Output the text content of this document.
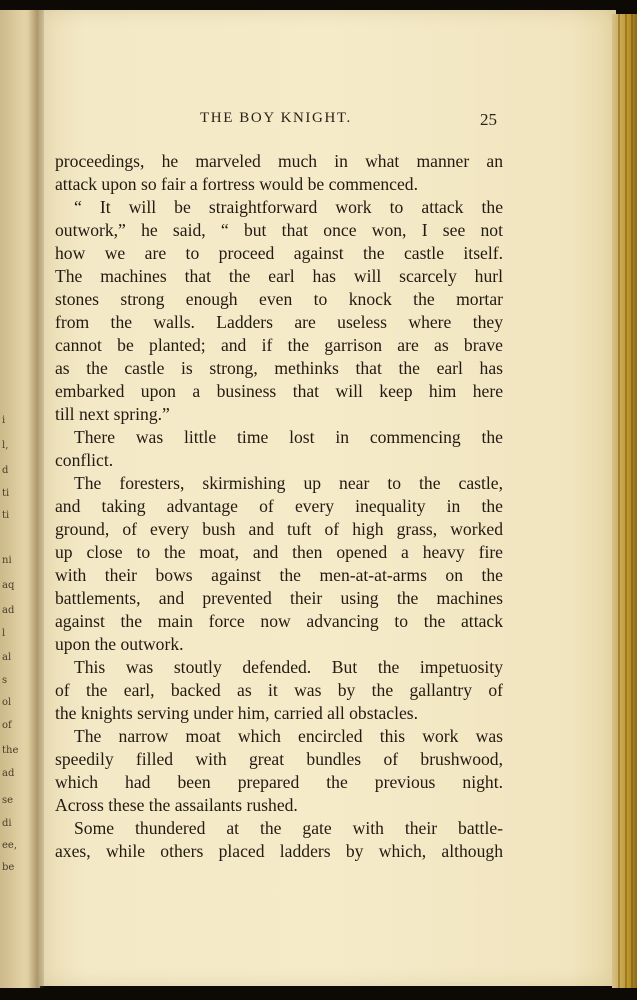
i
l,
d
ti
ti
ni
aq
ad
l
al
s
ol
of
the
ad
se
di
ee,
be
THE BOY KNIGHT.	25
proceedings, he marveled much in what manner an
attack upon so fair a fortress would be commenced.
“ It will be straightforward work to attack the
outwork,” he said, “ but that once won, I see not
how we are to proceed against the castle itself.
The machines that the earl has will scarcely hurl
stones strong enough even to knock the mortar
from the walls. Ladders are useless where they
cannot be planted; and if the garrison are as brave
as the castle is strong, methinks that the earl has
embarked upon a business that will keep him here
till next spring.”
There was little time lost in commencing the
conflict.
The foresters, skirmishing up near to the castle,
and taking advantage of every inequality in the
ground, of every bush and tuft of high grass, worked
up close to the moat, and then opened a heavy fire
with their bows against the men-at-at-arms on the
battlements, and prevented their using the machines
against the main force now advancing to the attack
upon the outwork.
This was stoutly defended. But the impetuosity
of the earl, backed as it was by the gallantry of
the knights serving under him, carried all obstacles.
The narrow moat which encircled this work was
speedily filled with great bundles of brushwood,
which had been prepared the previous night.
Across these the assailants rushed.
Some thundered at the gate with their battle-
axes, while others placed ladders by which, although
